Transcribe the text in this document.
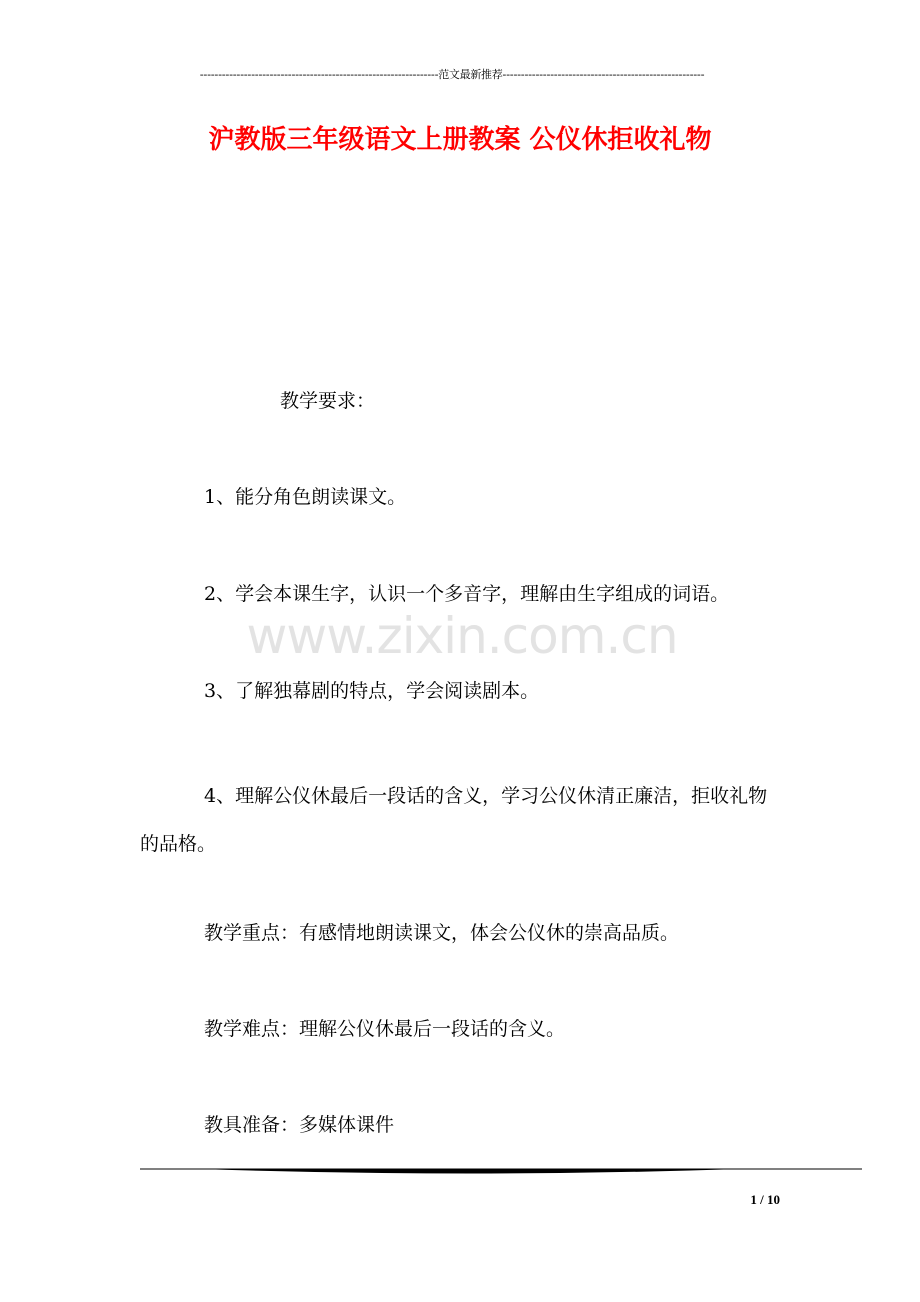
-----------------------------------------------------------------范文最新推荐-------------------------------------------------------
沪教版三年级语文上册教案 公仪休拒收礼物
教学要求：
1、能分角色朗读课文。
2、学会本课生字，认识一个多音字，理解由生字组成的词语。
3、了解独幕剧的特点，学会阅读剧本。
4、理解公仪休最后一段话的含义，学习公仪休清正廉洁，拒收礼物的品格。
教学重点：有感情地朗读课文，体会公仪休的崇高品质。
教学难点：理解公仪休最后一段话的含义。
教具准备：多媒体课件
www.zixin.com.cn
1 / 10
